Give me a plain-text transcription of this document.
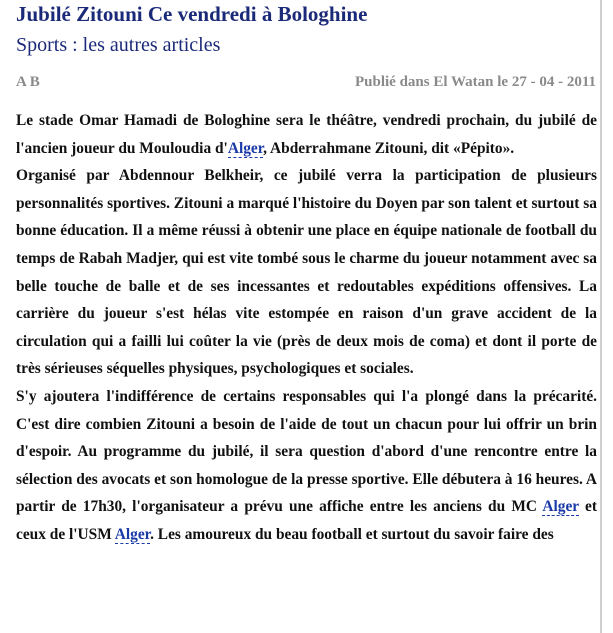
Jubilé Zitouni Ce vendredi à Bologhine
Sports : les autres articles
A B	Publié dans El Watan le 27 - 04 - 2011

Le stade Omar Hamadi de Bologhine sera le théâtre, vendredi prochain, du jubilé de l'ancien joueur du Mouloudia d'Alger, Abderrahmane Zitouni, dit «Pépito».

Organisé par Abdennour Belkheir, ce jubilé verra la participation de plusieurs personnalités sportives. Zitouni a marqué l'histoire du Doyen par son talent et surtout sa bonne éducation. Il a même réussi à obtenir une place en équipe nationale de football du temps de Rabah Madjer, qui est vite tombé sous le charme du joueur notamment avec sa belle touche de balle et de ses incessantes et redoutables expéditions offensives. La carrière du joueur s'est hélas vite estompée en raison d'un grave accident de la circulation qui a failli lui coûter la vie (près de deux mois de coma) et dont il porte de très sérieuses séquelles physiques, psychologiques et sociales.

S'y ajoutera l'indifférence de certains responsables qui l'a plongé dans la précarité. C'est dire combien Zitouni a besoin de l'aide de tout un chacun pour lui offrir un brin d'espoir. Au programme du jubilé, il sera question d'abord d'une rencontre entre la sélection des avocats et son homologue de la presse sportive. Elle débutera à 16 heures. A partir de 17h30, l'organisateur a prévu une affiche entre les anciens du MC Alger et ceux de l'USM Alger. Les amoureux du beau football et surtout du savoir faire des
